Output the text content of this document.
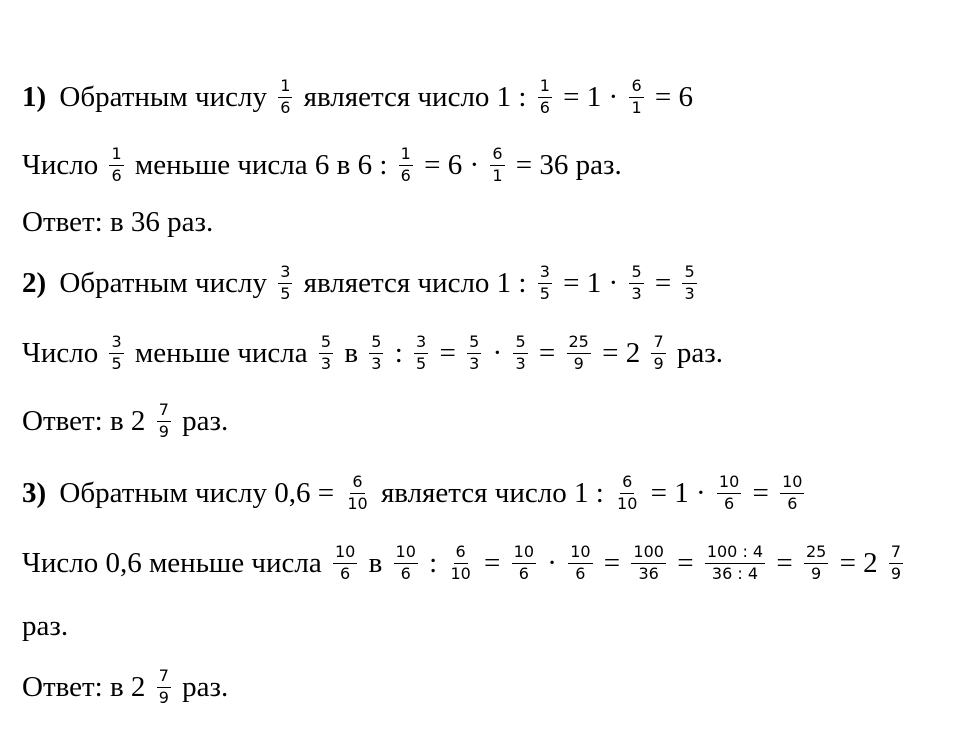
1) Обратным числу $\frac{1}{6}$ является число 1 : $\frac{1}{6} = 1 \cdot \frac{6}{1} = 6$
Число $\frac{1}{6}$ меньше числа 6 в 6 : $\frac{1}{6} = 6 \cdot \frac{6}{1} = 36$ раз.
Ответ: в 36 раз.
2) Обратным числу $\frac{3}{5}$ является число 1 : $\frac{3}{5} = 1 \cdot \frac{5}{3} = \frac{5}{3}$
Число $\frac{3}{5}$ меньше числа $\frac{5}{3}$ в $\frac{5}{3}$ : $\frac{3}{5} = \frac{5}{3} \cdot \frac{5}{3} = \frac{25}{9} = 2 \frac{7}{9}$ раз.
Ответ: в $2 \frac{7}{9}$ раз.
3) Обратным числу $0,6 = \frac{6}{10}$ является число 1 : $\frac{6}{10} = 1 \cdot \frac{10}{6} = \frac{10}{6}$
Число 0,6 меньше числа $\frac{10}{6}$ в $\frac{10}{6}$ : $\frac{6}{10} = \frac{10}{6} \cdot \frac{10}{6} = \frac{100}{36} = \frac{100 : 4}{36 : 4} = \frac{25}{9} = 2 \frac{7}{9}$
раз.
Ответ: в $2 \frac{7}{9}$ раз.
